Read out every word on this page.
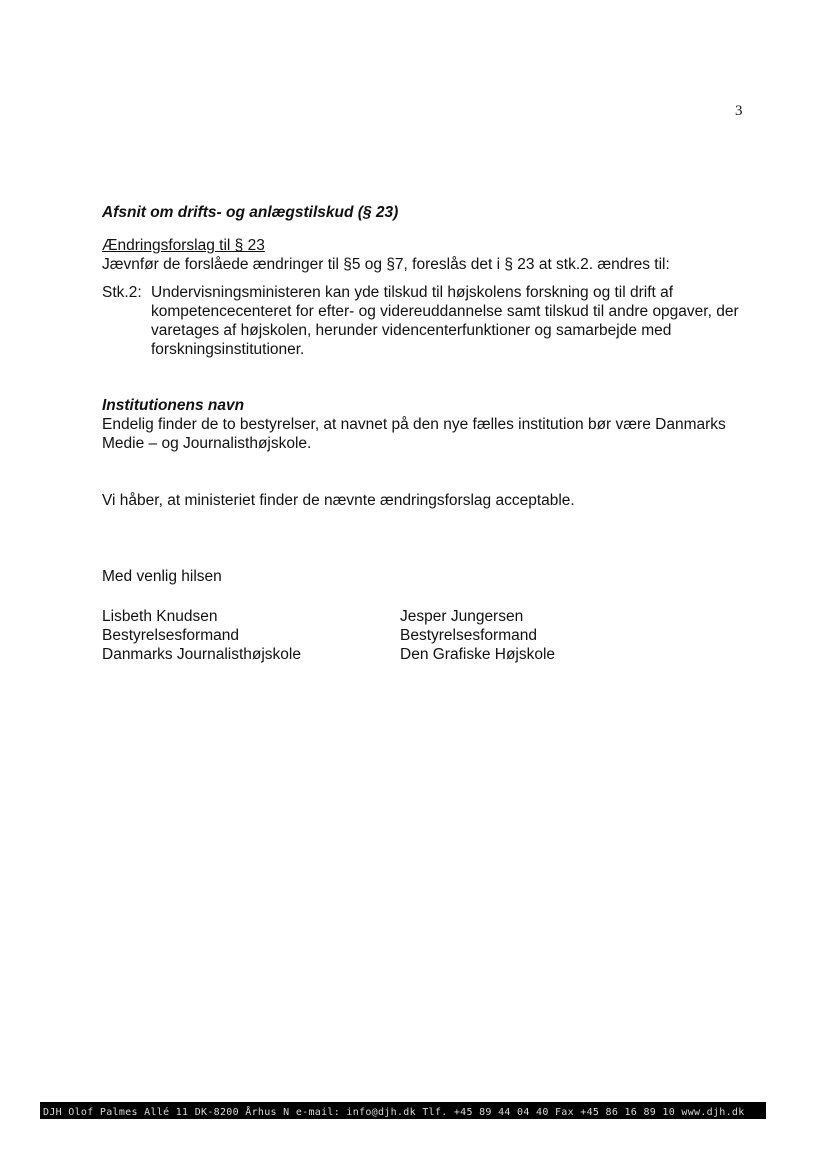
3

Afsnit om drifts- og anlægstilskud (§ 23)

Ændringsforslag til § 23

Jævnfør de forslåede ændringer til §5 og §7, foreslås det i § 23 at stk.2. ændres til:

Stk.2: Undervisningsministeren kan yde tilskud til højskolens forskning og til drift af kompetencecenteret for efter- og videreuddannelse samt tilskud til andre opgaver, der varetages af højskolen, herunder videncenterfunktioner og samarbejde med forskningsinstitutioner.

Institutionens navn

Endelig finder de to bestyrelser, at navnet på den nye fælles institution bør være Danmarks Medie – og Journalisthøjskole.

Vi håber, at ministeriet finder de nævnte ændringsforslag acceptable.

Med venlig hilsen

Lisbeth Knudsen
Bestyrelsesformand
Danmarks Journalisthøjskole
Jesper Jungersen
Bestyrelsesformand
Den Grafiske Højskole
DJH Olof Palmes Allé 11 DK-8200 Århus N e-mail: info@djh.dk Tlf. +45 89 44 04 40 Fax +45 86 16 89 10 www.djh.dk
